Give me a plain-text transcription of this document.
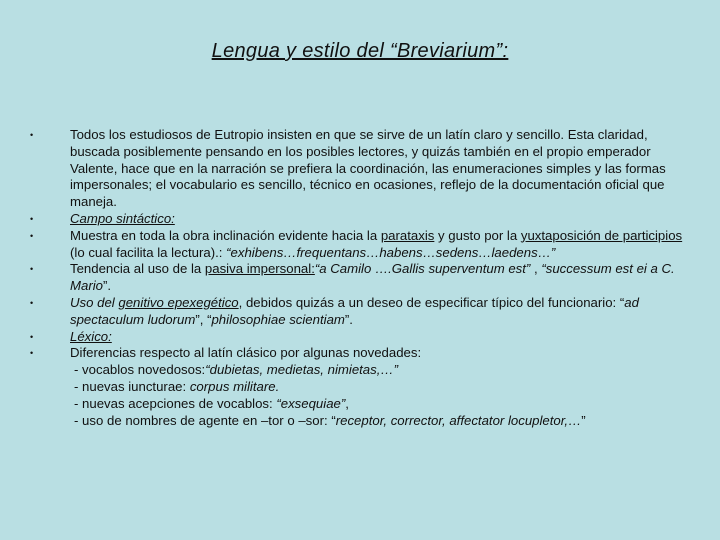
Lengua y estilo del “Breviarium”:
•	Todos los estudiosos de Eutropio insisten en que se sirve de un latín claro y sencillo. Esta claridad, buscada posiblemente pensando en los posibles lectores, y quizás también en el propio emperador Valente, hace que en la narración se prefiera la coordinación, las enumeraciones simples y las formas impersonales; el vocabulario es sencillo, técnico en ocasiones, reflejo de la documentación oficial que maneja.
•	Campo sintáctico:
•	Muestra en toda la obra inclinación evidente hacia la parataxis y gusto por la yuxtaposición de participios (lo cual facilita la lectura).: “exhibens…frequentans…habens…sedens…laedens…”
•	Tendencia al uso de la pasiva impersonal:“a Camilo ….Gallis superventum est” , “successum est ei a C. Mario”.
•	Uso del genitivo epexegético, debidos quizás a un deseo de especificar típico del funcionario: “ad spectaculum ludorum”, “philosophiae scientiam”.
•	Léxico:
•	Diferencias respecto al latín clásico por algunas novedades:
- vocablos novedosos:“dubietas, medietas, nimietas,…”
- nuevas iuncturae: corpus militare.
- nuevas acepciones de vocablos: “exsequiae”,
- uso de nombres de agente en –tor o –sor: “receptor, corrector, affectator locupletor,…”
